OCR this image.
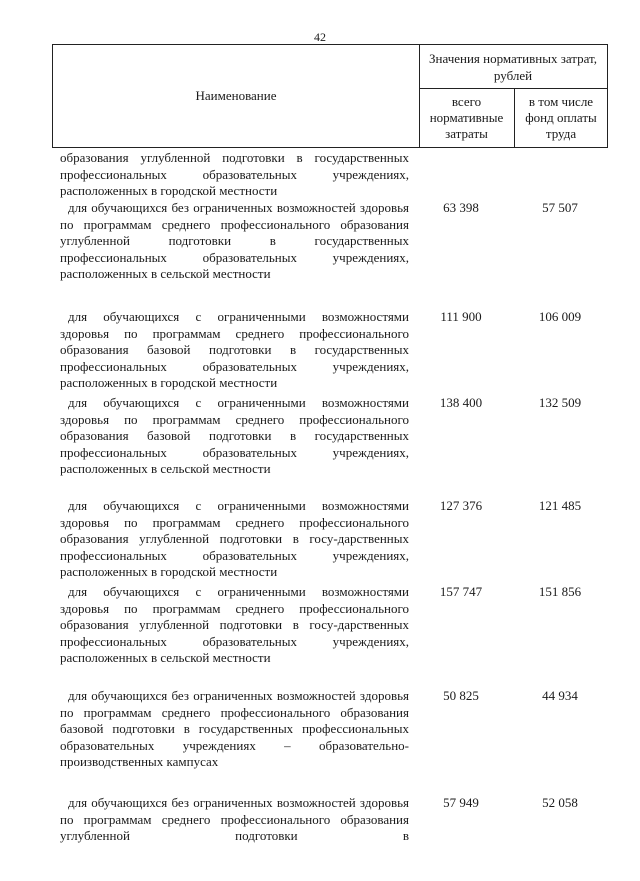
42
Наименование
Значения нормативных затрат, рублей
всего нормативные затраты
в том числе фонд оплаты труда
образования углубленной подготовки в государственных профессиональных образовательных учреждениях, расположенных в городской местности
для обучающихся без ограниченных возможностей здоровья по программам среднего профессионального образования углубленной подготовки в государственных профессиональных образовательных учреждениях, расположенных в сельской местности
63 398	57 507
для обучающихся с ограниченными возможностями здоровья по программам среднего профессионального образования базовой подготовки в государственных профессиональных образовательных учреждениях, расположенных в городской местности
111 900	106 009
для обучающихся с ограниченными возможностями здоровья по программам среднего профессионального образования базовой подготовки в государственных профессиональных образовательных учреждениях, расположенных в сельской местности
138 400	132 509
для обучающихся с ограниченными возможностями здоровья по программам среднего профессионального образования углубленной подготовки в госу-дарственных профессиональных образовательных учреждениях, расположенных в городской местности
127 376	121 485
для обучающихся с ограниченными возможностями здоровья по программам среднего профессионального образования углубленной подготовки в госу-дарственных профессиональных образовательных учреждениях, расположенных в сельской местности
157 747	151 856
для обучающихся без ограниченных возможностей здоровья по программам среднего профессионального образования базовой подготовки в государственных профессиональных образовательных учреждениях – образовательно-производственных кампусах
50 825	44 934
для обучающихся без ограниченных возможностей здоровья по программам среднего профессионального образования углубленной подготовки в
57 949	52 058
